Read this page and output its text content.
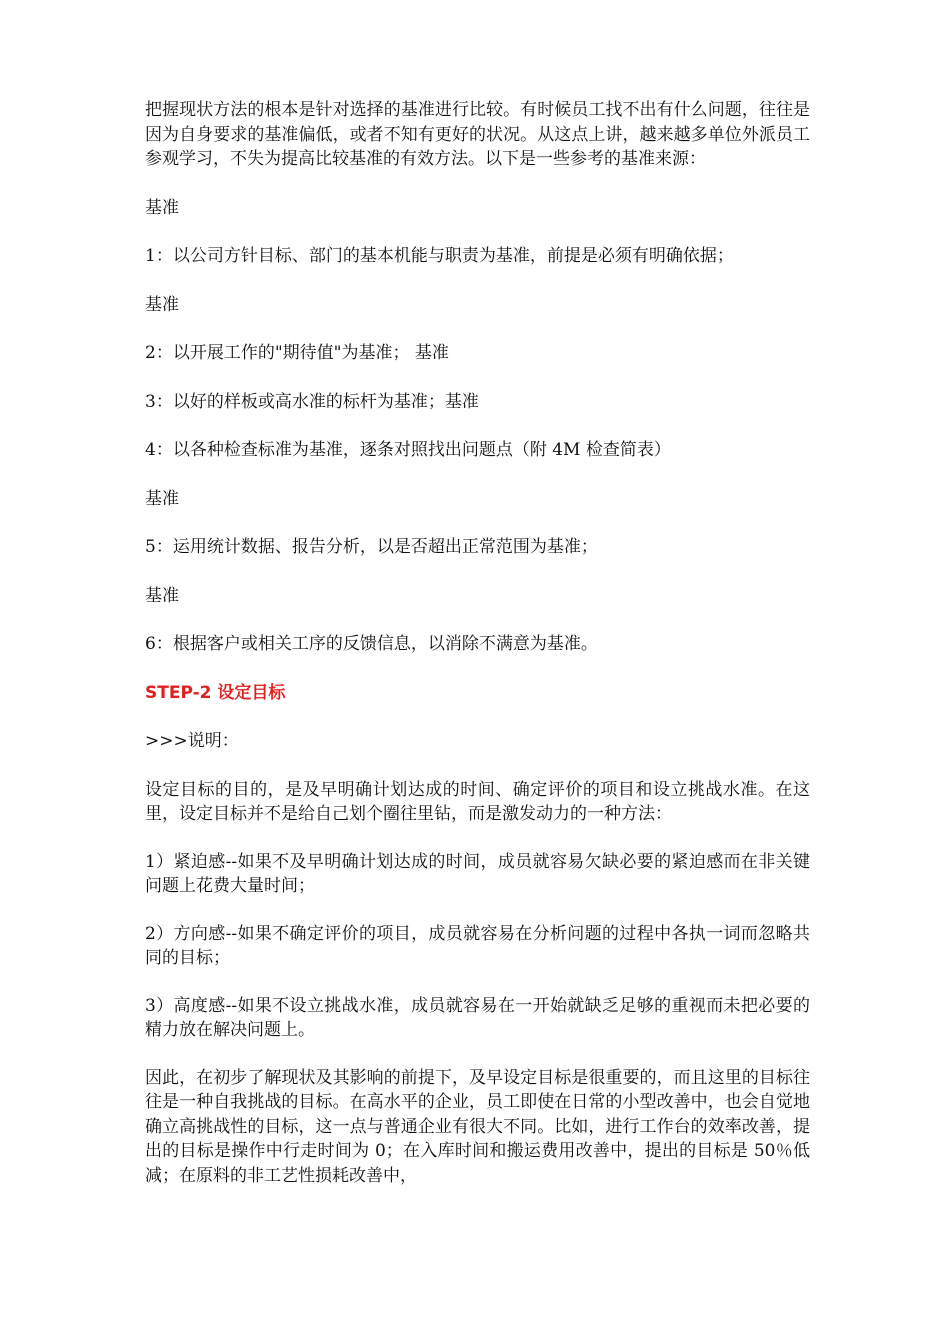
把握现状方法的根本是针对选择的基准进行比较。有时候员工找不出有什么问题，往往是因为自身要求的基准偏低，或者不知有更好的状况。从这点上讲，越来越多单位外派员工参观学习，不失为提高比较基准的有效方法。以下是一些参考的基准来源：

基准

1：以公司方针目标、部门的基本机能与职责为基准，前提是必须有明确依据；

基准

2：以开展工作的"期待值"为基准； 基准

3：以好的样板或高水准的标杆为基准；基准

4：以各种检查标准为基准，逐条对照找出问题点（附 4M 检查简表）

基准

5：运用统计数据、报告分析，以是否超出正常范围为基准；

基准

6：根据客户或相关工序的反馈信息，以消除不满意为基准。

STEP-2 设定目标

>>>说明：

设定目标的目的，是及早明确计划达成的时间、确定评价的项目和设立挑战水准。在这里，设定目标并不是给自己划个圈往里钻，而是激发动力的一种方法：

1）紧迫感--如果不及早明确计划达成的时间，成员就容易欠缺必要的紧迫感而在非关键问题上花费大量时间；

2）方向感--如果不确定评价的项目，成员就容易在分析问题的过程中各执一词而忽略共同的目标；

3）高度感--如果不设立挑战水准，成员就容易在一开始就缺乏足够的重视而未把必要的精力放在解决问题上。

因此，在初步了解现状及其影响的前提下，及早设定目标是很重要的，而且这里的目标往往是一种自我挑战的目标。在高水平的企业，员工即使在日常的小型改善中，也会自觉地确立高挑战性的目标，这一点与普通企业有很大不同。比如，进行工作台的效率改善，提出的目标是操作中行走时间为 0；在入库时间和搬运费用改善中，提出的目标是 50％低减；在原料的非工艺性损耗改善中，
